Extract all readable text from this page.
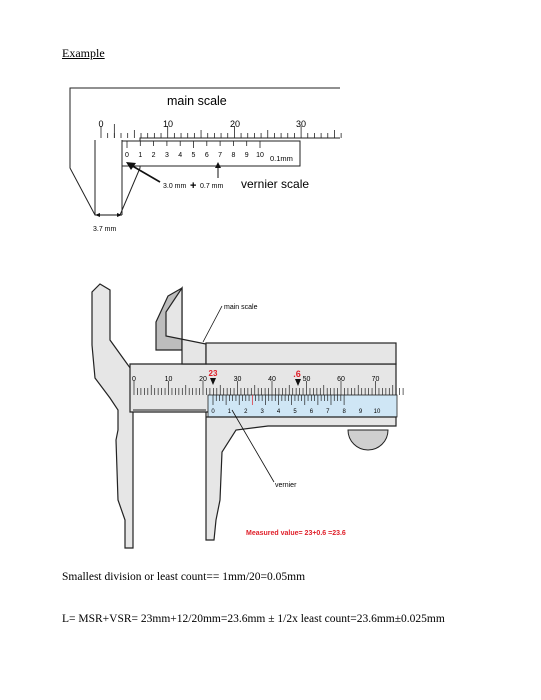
Example
main scale
0	10	20	30
0 1 2 3 4 5 6 7 8 9 10 0.1mm
3.0 mm + 0.7 mm vernier scale
3.7 mm
0	10	20	30	40	50	60	70
0 1 2 3 4 5 6 7 8 9 10
23	.6
main scale
vernier
Measured value= 23+0.6 =23.6
Smallest division or least count== 1mm/20=0.05mm
L= MSR+VSR= 23mm+12/20mm=23.6mm ± 1/2x least count=23.6mm±0.025mm
